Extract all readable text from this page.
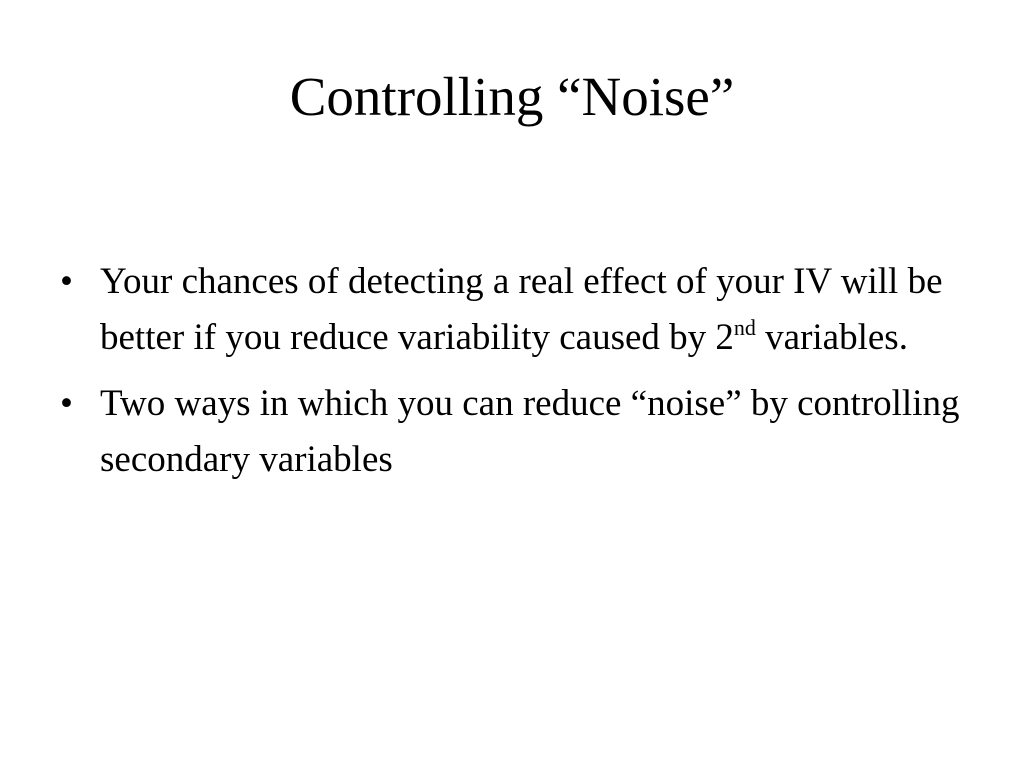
Controlling “Noise”
• Your chances of detecting a real effect of your IV will be better if you reduce variability caused by 2nd variables.
• Two ways in which you can reduce “noise” by controlling secondary variables
